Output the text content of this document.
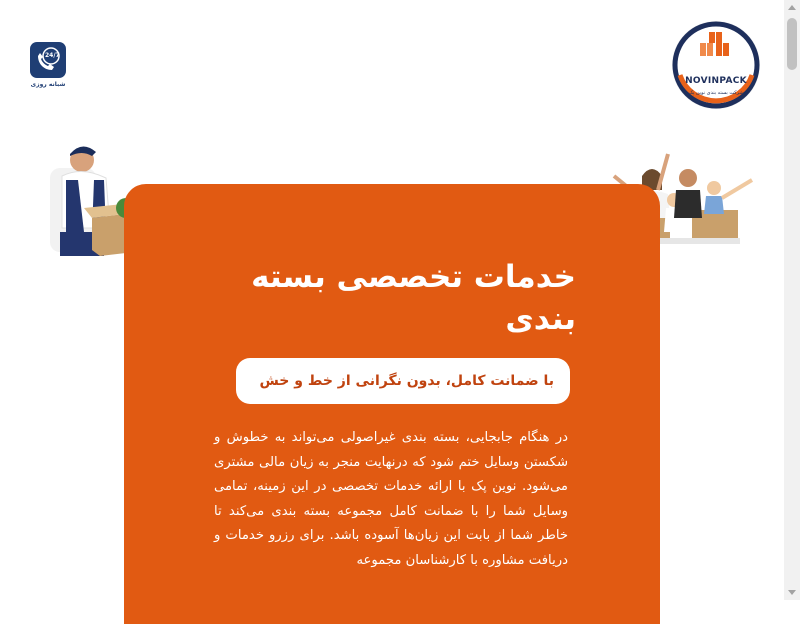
NOVINPACK
شرکت بسته بندی نوین پک
24/7
شبانه روزی
خدمات تخصصی بسته بندی
با ضمانت کامل، بدون نگرانی از خط و خش

در هنگام جابجایی، بسته بندی غیراصولی می‌تواند به خطوش و شکستن وسایل ختم شود که درنهایت منجر به زیان مالی مشتری می‌شود. نوین پک با ارائه خدمات تخصصی در این زمینه، تمامی وسایل شما را با ضمانت کامل مجموعه بسته بندی می‌کند تا خاطر شما از بابت این زیان‌ها آسوده باشد. برای رزرو خدمات و دریافت مشاوره با کارشناسان مجموعه
